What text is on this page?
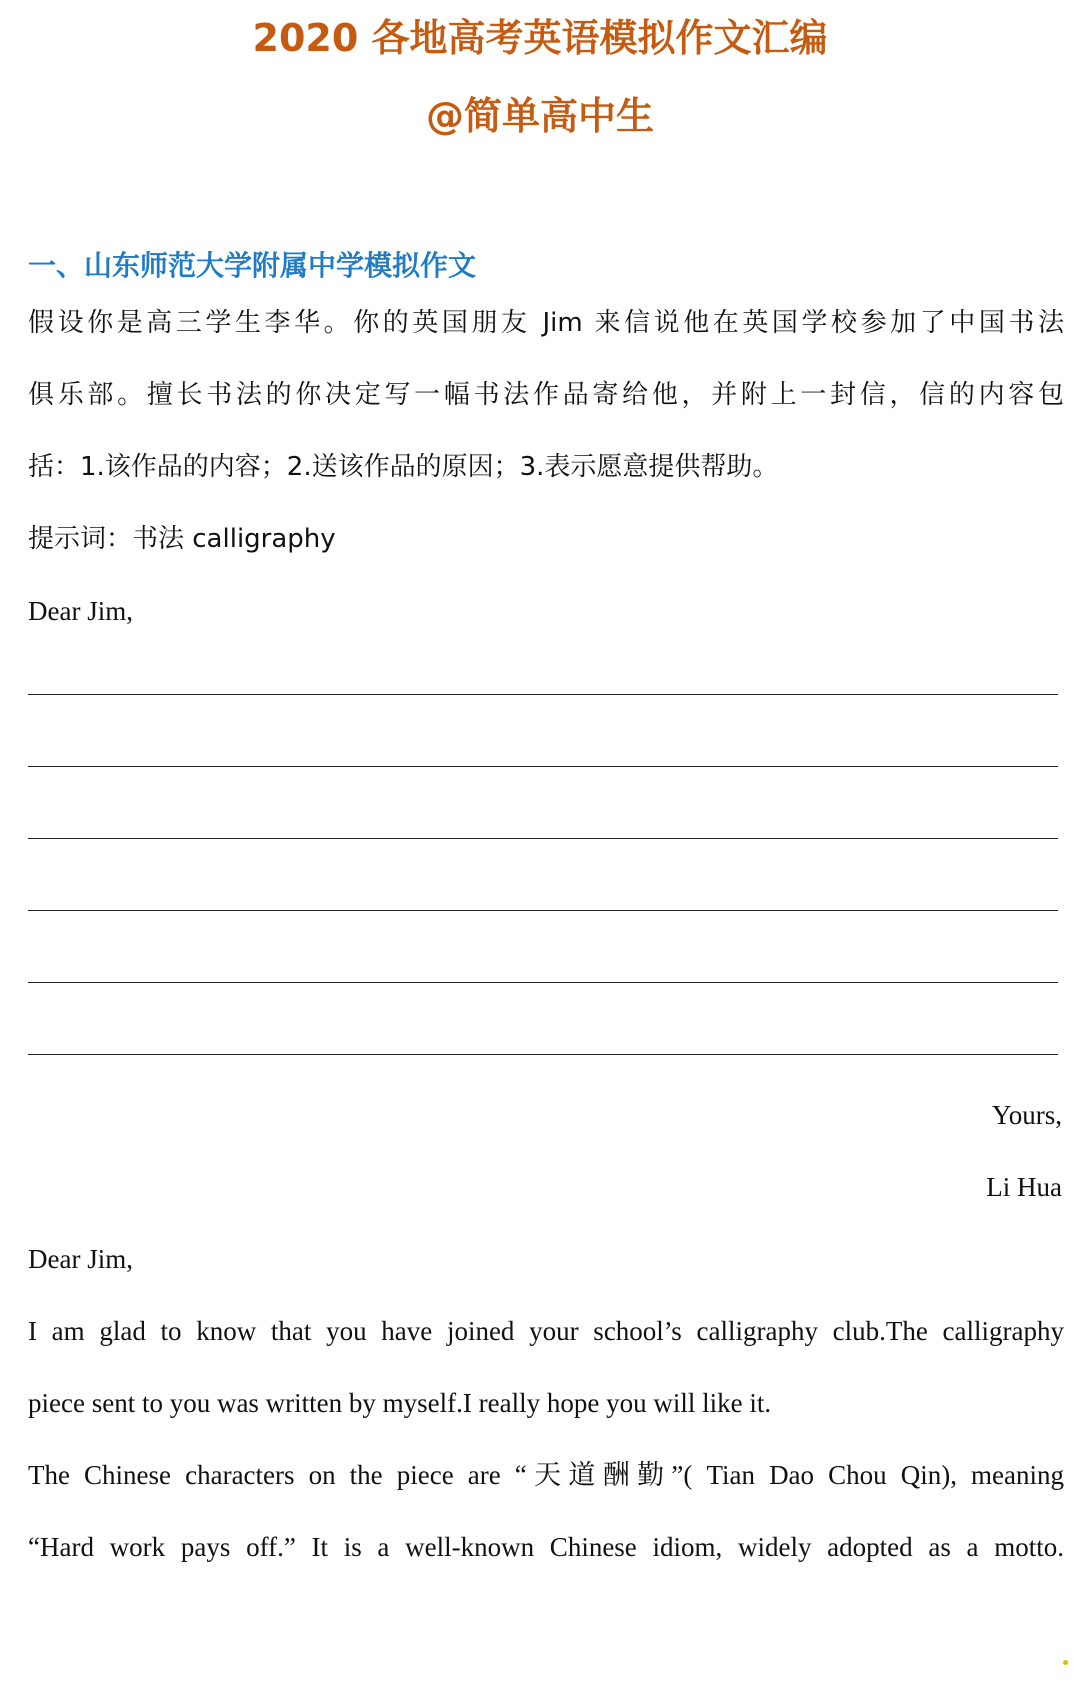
2020 各地高考英语模拟作文汇编
@简单高中生
一、山东师范大学附属中学模拟作文
假设你是高三学生李华。你的英国朋友 Jim 来信说他在英国学校参加了中国书法
俱乐部。擅长书法的你决定写一幅书法作品寄给他，并附上一封信，信的内容包
括：1.该作品的内容；2.送该作品的原因；3.表示愿意提供帮助。
提示词：书法 calligraphy
Dear Jim,
Yours,
Li Hua
Dear Jim,
I am glad to know that you have joined your school’s calligraphy club.The calligraphy
piece sent to you was written by myself.I really hope you will like it.
The Chinese characters on the piece are “天道酬勤”( Tian Dao Chou Qin), meaning
“Hard work pays off.” It is a well-known Chinese idiom, widely adopted as a motto.
